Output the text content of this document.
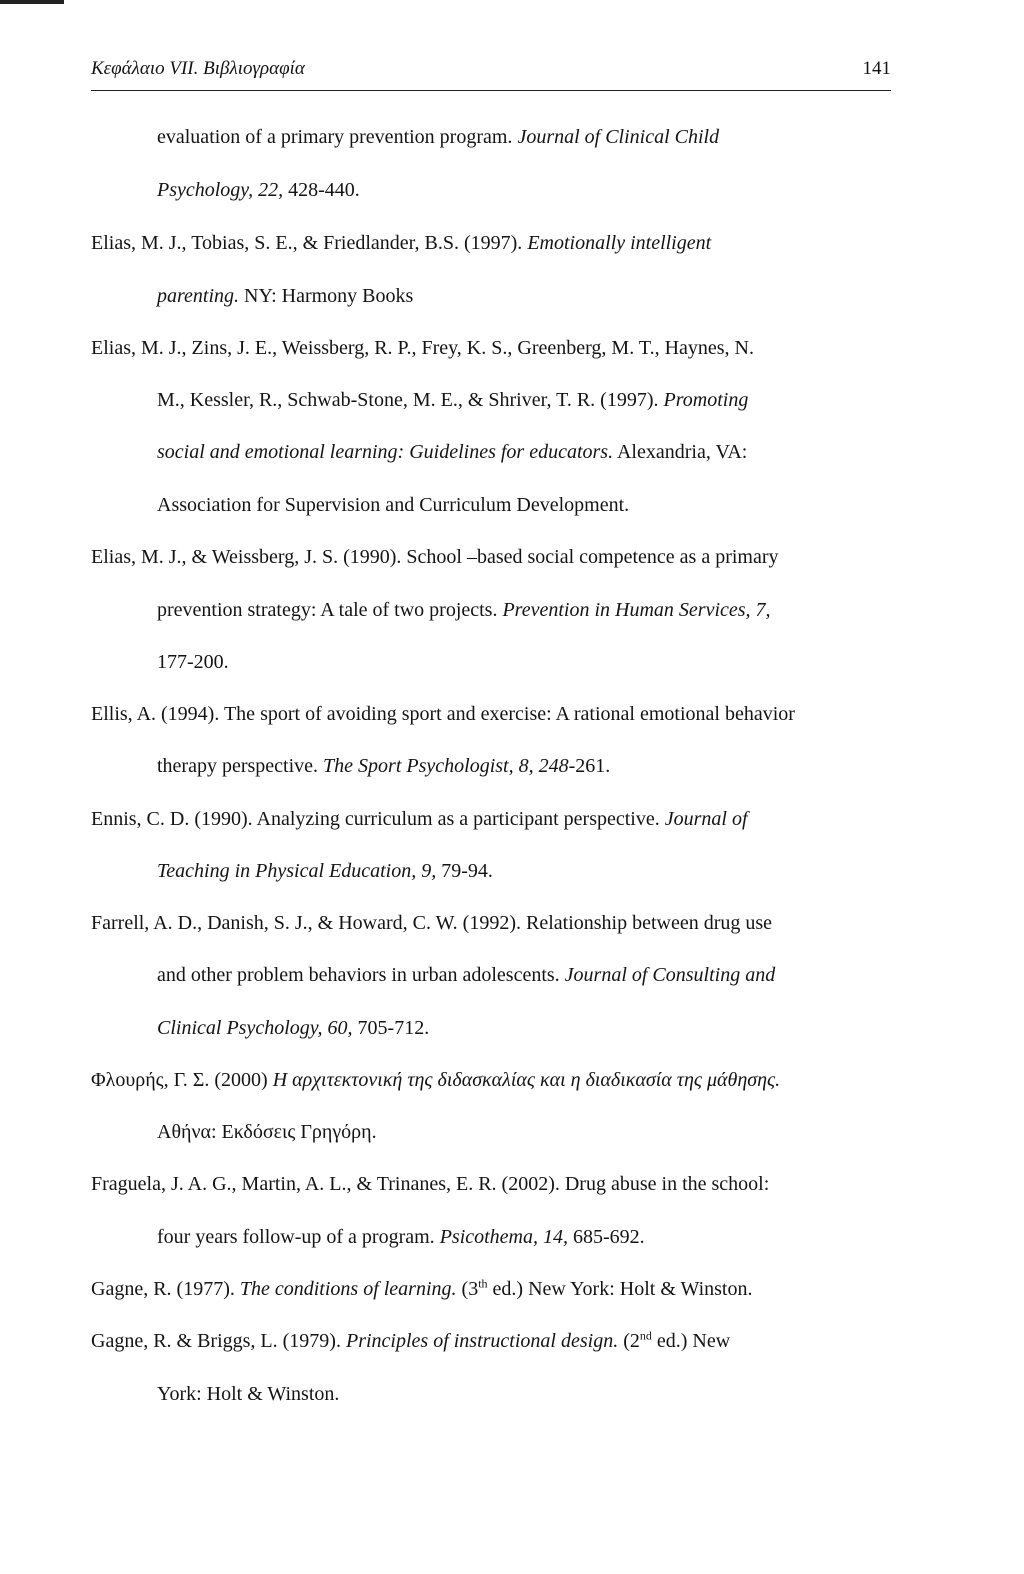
Κεφάλαιο VII. Βιβλιογραφία	141
evaluation of a primary prevention program. Journal of Clinical Child
Psychology, 22, 428-440.
Elias, M. J., Tobias, S. E., & Friedlander, B.S. (1997). Emotionally intelligent
parenting. NY: Harmony Books
Elias, M. J., Zins, J. E., Weissberg, R. P., Frey, K. S., Greenberg, M. T., Haynes, N.
M., Kessler, R., Schwab-Stone, M. E., & Shriver, T. R. (1997). Promoting
social and emotional learning: Guidelines for educators. Alexandria, VA:
Association for Supervision and Curriculum Development.
Elias, M. J., & Weissberg, J. S. (1990). School –based social competence as a primary
prevention strategy: A tale of two projects. Prevention in Human Services, 7,
177-200.
Ellis, A. (1994). The sport of avoiding sport and exercise: A rational emotional behavior
therapy perspective. The Sport Psychologist, 8, 248-261.
Ennis, C. D. (1990). Analyzing curriculum as a participant perspective. Journal of
Teaching in Physical Education, 9, 79-94.
Farrell, A. D., Danish, S. J., & Howard, C. W. (1992). Relationship between drug use
and other problem behaviors in urban adolescents. Journal of Consulting and
Clinical Psychology, 60, 705-712.
Φλουρής, Γ. Σ. (2000) Η αρχιτεκτονική της διδασκαλίας και η διαδικασία της μάθησης.
Αθήνα: Εκδόσεις Γρηγόρη.
Fraguela, J. A. G., Martin, A. L., & Trinanes, E. R. (2002). Drug abuse in the school:
four years follow-up of a program. Psicothema, 14, 685-692.
Gagne, R. (1977). The conditions of learning. (3th ed.) New York: Holt & Winston.
Gagne, R. & Briggs, L. (1979). Principles of instructional design. (2nd ed.) New
York: Holt & Winston.
